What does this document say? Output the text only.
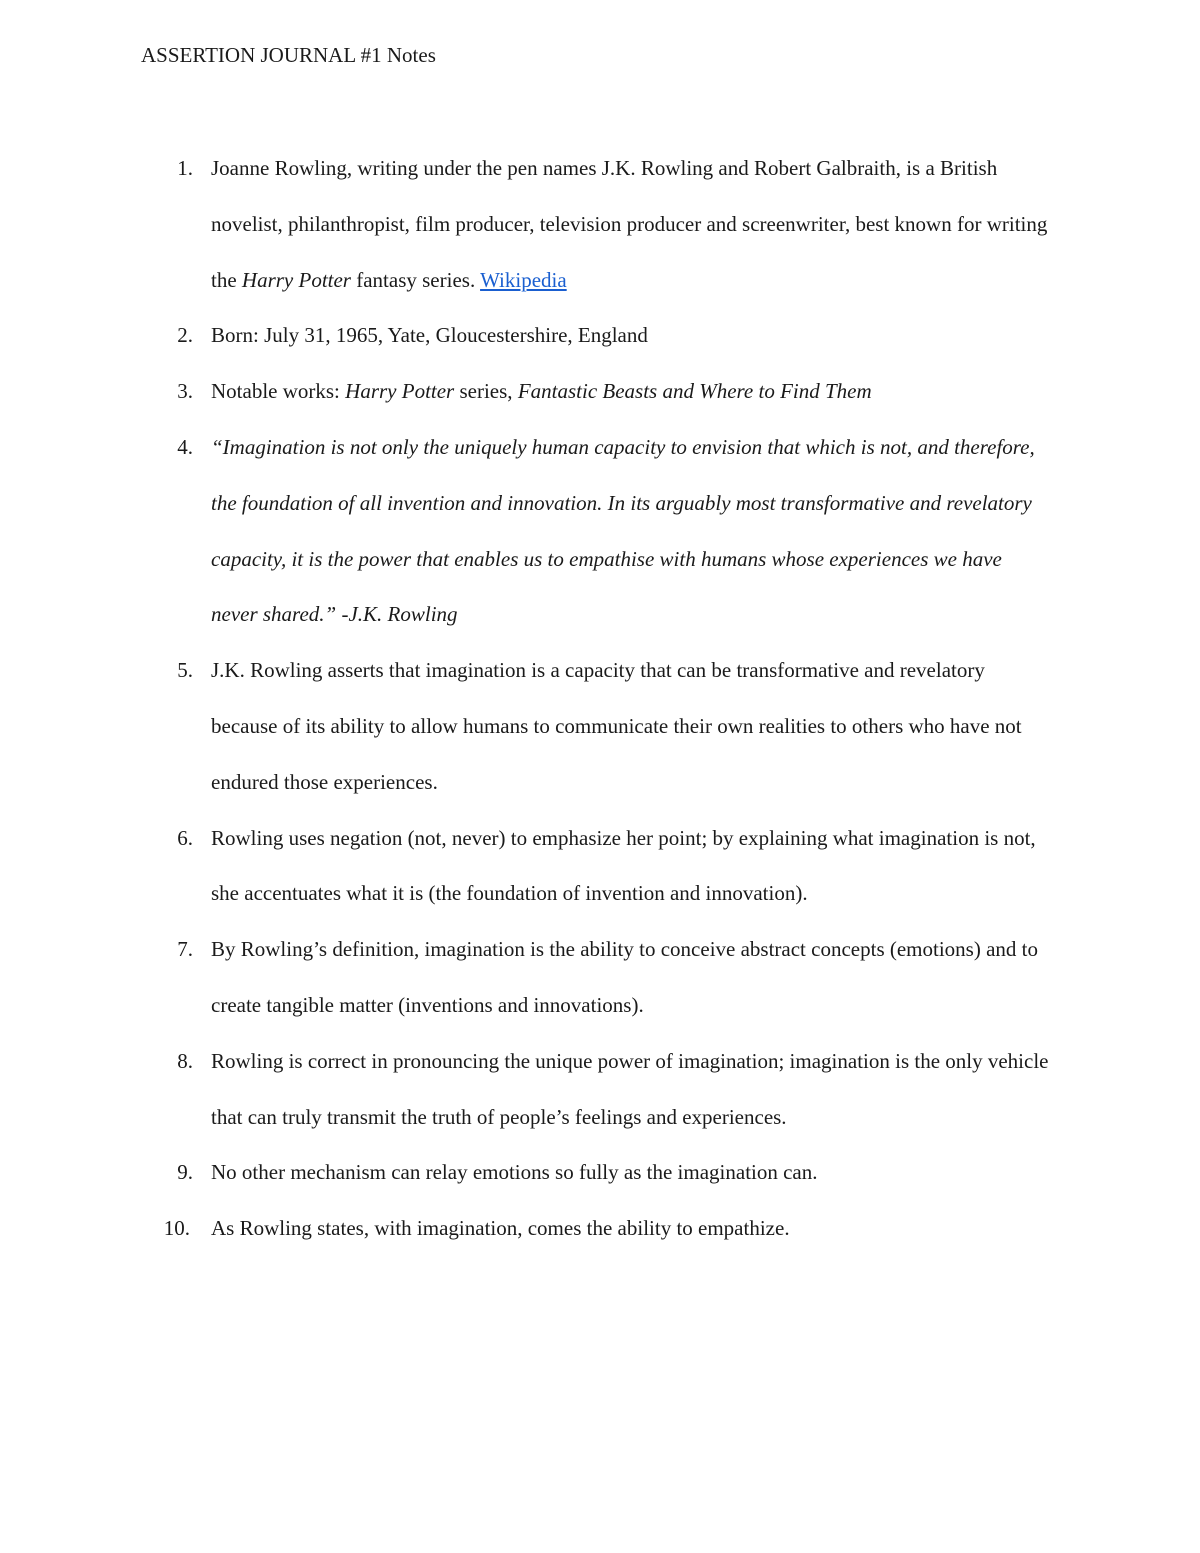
ASSERTION JOURNAL #1 Notes
1. Joanne Rowling, writing under the pen names J.K. Rowling and Robert Galbraith, is a British novelist, philanthropist, film producer, television producer and screenwriter, best known for writing the Harry Potter fantasy series. Wikipedia
2. Born: July 31, 1965, Yate, Gloucestershire, England
3. Notable works: Harry Potter series, Fantastic Beasts and Where to Find Them
4. “Imagination is not only the uniquely human capacity to envision that which is not, and therefore, the foundation of all invention and innovation. In its arguably most transformative and revelatory capacity, it is the power that enables us to empathise with humans whose experiences we have never shared.” -J.K. Rowling
5. J.K. Rowling asserts that imagination is a capacity that can be transformative and revelatory because of its ability to allow humans to communicate their own realities to others who have not endured those experiences.
6. Rowling uses negation (not, never) to emphasize her point; by explaining what imagination is not, she accentuates what it is (the foundation of invention and innovation).
7. By Rowling’s definition, imagination is the ability to conceive abstract concepts (emotions) and to create tangible matter (inventions and innovations).
8. Rowling is correct in pronouncing the unique power of imagination; imagination is the only vehicle that can truly transmit the truth of people’s feelings and experiences.
9. No other mechanism can relay emotions so fully as the imagination can.
10. As Rowling states, with imagination, comes the ability to empathize.
